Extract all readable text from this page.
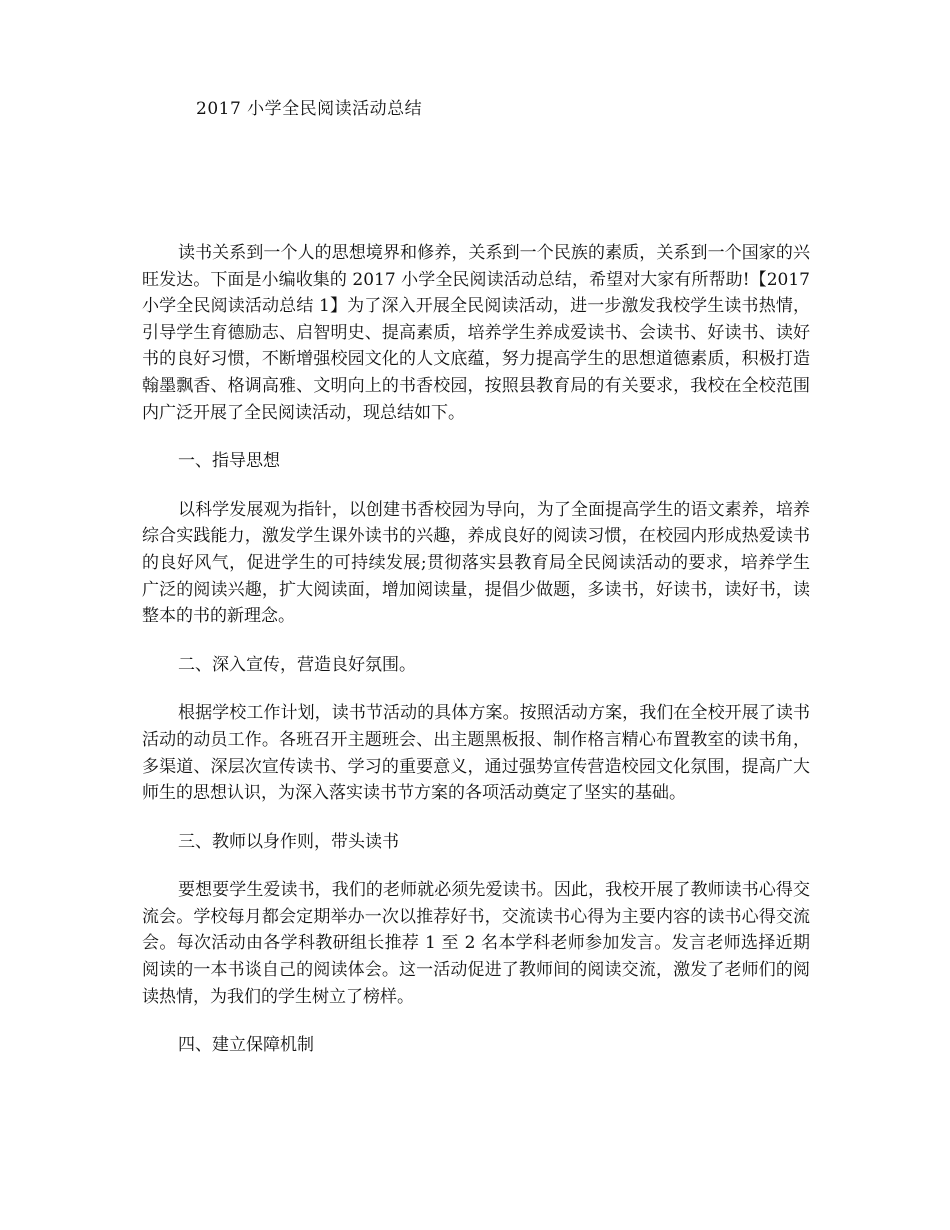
2017 小学全民阅读活动总结

读书关系到一个人的思想境界和修养，关系到一个民族的素质，关系到一个国家的兴旺发达。下面是小编收集的 2017 小学全民阅读活动总结，希望对大家有所帮助!【2017 小学全民阅读活动总结 1】为了深入开展全民阅读活动，进一步激发我校学生读书热情，引导学生育德励志、启智明史、提高素质，培养学生养成爱读书、会读书、好读书、读好书的良好习惯，不断增强校园文化的人文底蕴，努力提高学生的思想道德素质，积极打造翰墨飘香、格调高雅、文明向上的书香校园，按照县教育局的有关要求，我校在全校范围内广泛开展了全民阅读活动，现总结如下。

一、指导思想

以科学发展观为指针，以创建书香校园为导向，为了全面提高学生的语文素养，培养综合实践能力，激发学生课外读书的兴趣，养成良好的阅读习惯，在校园内形成热爱读书的良好风气，促进学生的可持续发展;贯彻落实县教育局全民阅读活动的要求，培养学生广泛的阅读兴趣，扩大阅读面，增加阅读量，提倡少做题，多读书，好读书，读好书，读整本的书的新理念。

二、深入宣传，营造良好氛围。

根据学校工作计划，读书节活动的具体方案。按照活动方案，我们在全校开展了读书活动的动员工作。各班召开主题班会、出主题黑板报、制作格言精心布置教室的读书角，多渠道、深层次宣传读书、学习的重要意义，通过强势宣传营造校园文化氛围，提高广大师生的思想认识，为深入落实读书节方案的各项活动奠定了坚实的基础。

三、教师以身作则，带头读书

要想要学生爱读书，我们的老师就必须先爱读书。因此，我校开展了教师读书心得交流会。学校每月都会定期举办一次以推荐好书，交流读书心得为主要内容的读书心得交流会。每次活动由各学科教研组长推荐 1 至 2 名本学科老师参加发言。发言老师选择近期阅读的一本书谈自己的阅读体会。这一活动促进了教师间的阅读交流，激发了老师们的阅读热情，为我们的学生树立了榜样。

四、建立保障机制
